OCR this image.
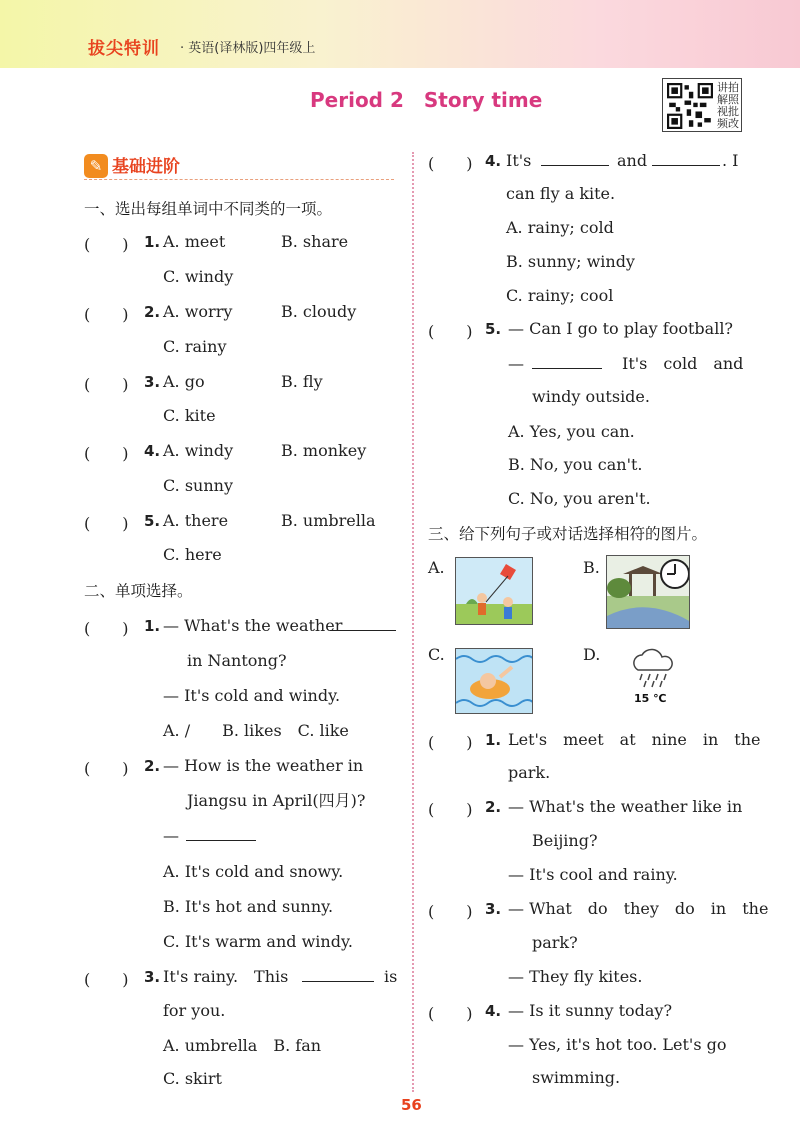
拔尖特训 · 英语(译林版)四年级上
Period 2　Story time
讲拍解照视批频改
✎ 基础进阶
一、选出每组单词中不同类的一项。
(　　) 1. A. meet	B. share
C. windy
(　　) 2. A. worry	B. cloudy
C. rainy
(　　) 3. A. go	B. fly
C. kite
(　　) 4. A. windy	B. monkey
C. sunny
(　　) 5. A. there	B. umbrella
C. here
二、单项选择。
(　　) 1. — What's the weather
in Nantong?
— It's cold and windy.
A. /　　B. likes　C. like
(　　) 2. — How is the weather in
Jiangsu in April(四月)?
—
A. It's cold and snowy.
B. It's hot and sunny.
C. It's warm and windy.
(　　) 3. It's rainy.　This	is
for you.
A. umbrella　B. fan
C. skirt
(　　) 4. It's	and	. I
can fly a kite.
A. rainy; cold
B. sunny; windy
C. rainy; cool
(　　) 5. — Can I go to play football?
—	It's　cold　and
windy outside.
A. Yes, you can.
B. No, you can't.
C. No, you aren't.
三、给下列句子或对话选择相符的图片。
A.	B.
C.	D.
15 ℃
(　　) 1. Let's　meet　at　nine　in　the
park.
(　　) 2. — What's the weather like in
Beijing?
— It's cool and rainy.
(　　) 3. — What　do　they　do　in　the
park?
— They fly kites.
(　　) 4. — Is it sunny today?
— Yes, it's hot too. Let's go
swimming.
56
